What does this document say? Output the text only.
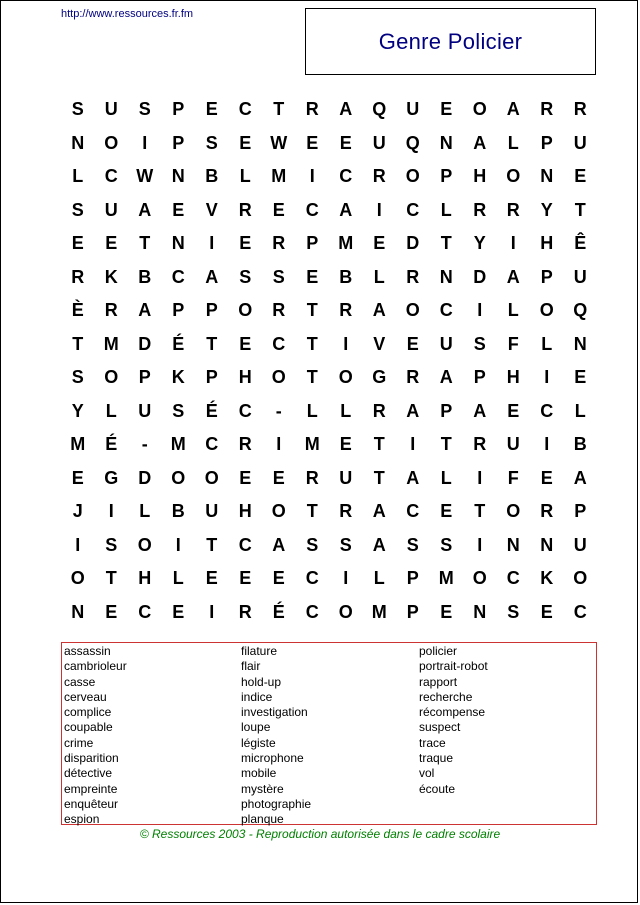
http://www.ressources.fr.fm
Genre Policier
S	U	S	P	E	C	T	R	A	Q	U	E	O	A	R	R
N	O	I	P	S	E	W	E	E	U	Q	N	A	L	P	U
L	C	W	N	B	L	M	I	C	R	O	P	H	O	N	E
S	U	A	E	V	R	E	C	A	I	C	L	R	R	Y	T
E	E	T	N	I	E	R	P	M	E	D	T	Y	I	H	Ê
R	K	B	C	A	S	S	E	B	L	R	N	D	A	P	U
È	R	A	P	P	O	R	T	R	A	O	C	I	L	O	Q
T	M	D	É	T	E	C	T	I	V	E	U	S	F	L	N
S	O	P	K	P	H	O	T	O	G	R	A	P	H	I	E
Y	L	U	S	É	C	-	L	L	R	A	P	A	E	C	L
M	É	-	M	C	R	I	M	E	T	I	T	R	U	I	B
E	G	D	O	O	E	E	R	U	T	A	L	I	F	E	A
J	I	L	B	U	H	O	T	R	A	C	E	T	O	R	P
I	S	O	I	T	C	A	S	S	A	S	S	I	N	N	U
O	T	H	L	E	E	E	C	I	L	P	M	O	C	K	O
N	E	C	E	I	R	É	C	O	M	P	E	N	S	E	C
assassin
cambrioleur
casse
cerveau
complice
coupable
crime
disparition
détective
empreinte
enquêteur
espion
filature
flair
hold-up
indice
investigation
loupe
légiste
microphone
mobile
mystère
photographie
planque
policier
portrait-robot
rapport
recherche
récompense
suspect
trace
traque
vol
écoute
© Ressources 2003 - Reproduction autorisée dans le cadre scolaire
